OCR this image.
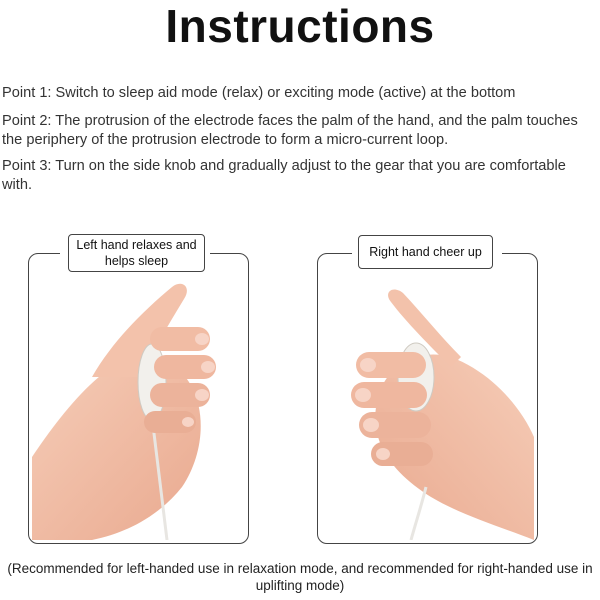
Instructions
Point 1: Switch to sleep aid mode (relax) or exciting mode (active) at the bottom
Point 2: The protrusion of the electrode faces the palm of the hand, and the palm touches the periphery of the protrusion electrode to form a micro-current loop.
Point 3: Turn on the side knob and gradually adjust to the gear that you are comfortable with.
Left hand relaxes and helps sleep
Right hand cheer up
(Recommended for left-handed use in relaxation mode, and recommended for right-handed use in uplifting mode)
